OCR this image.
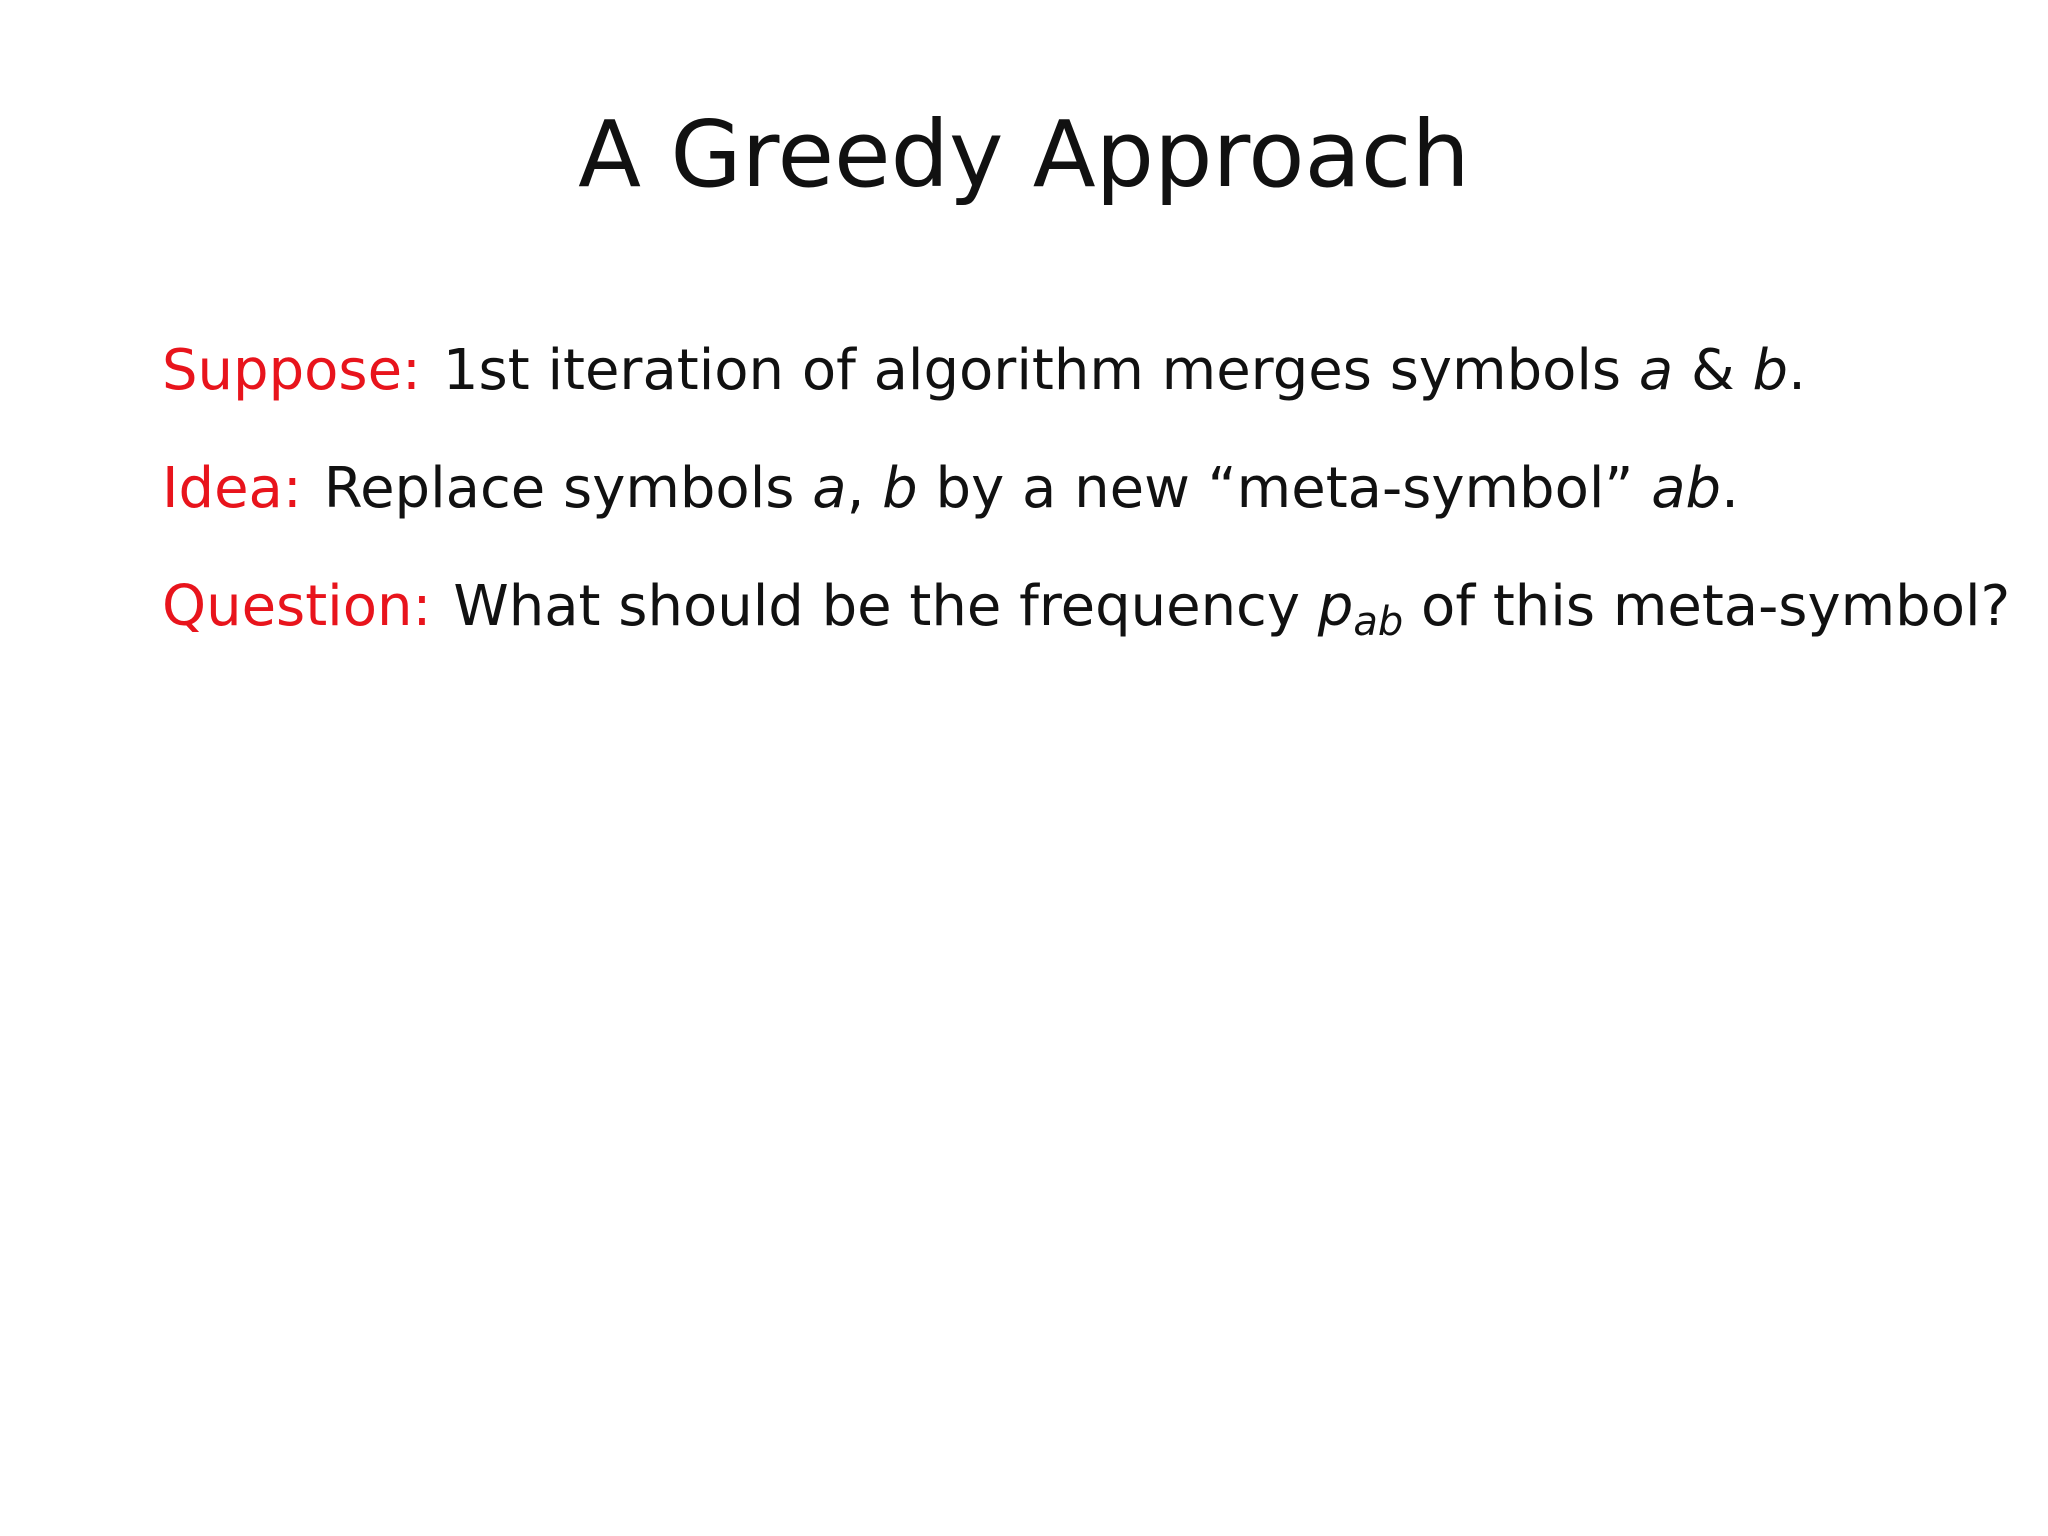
A Greedy Approach
Suppose: 1st iteration of algorithm merges symbols a & b.
Idea: Replace symbols a, b by a new “meta-symbol” ab.
Question: What should be the frequency $p_{ab}$ of this meta-symbol?
